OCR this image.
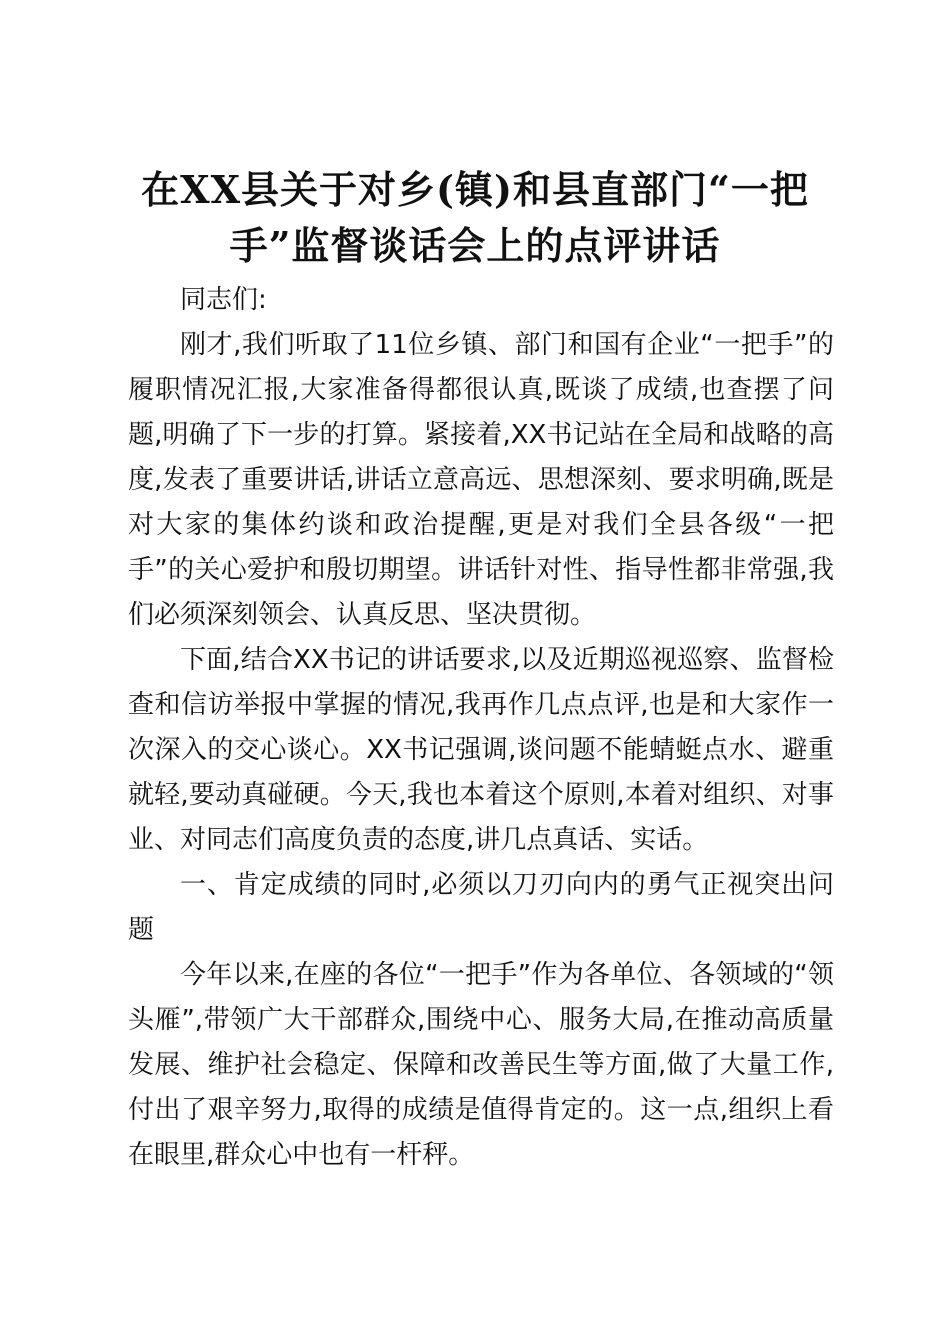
在XX县关于对乡(镇)和县直部门“一把手”监督谈话会上的点评讲话

同志们:

刚才,我们听取了11位乡镇、部门和国有企业“一把手”的履职情况汇报,大家准备得都很认真,既谈了成绩,也查摆了问题,明确了下一步的打算。紧接着,XX书记站在全局和战略的高度,发表了重要讲话,讲话立意高远、思想深刻、要求明确,既是对大家的集体约谈和政治提醒,更是对我们全县各级“一把手”的关心爱护和殷切期望。讲话针对性、指导性都非常强,我们必须深刻领会、认真反思、坚决贯彻。

下面,结合XX书记的讲话要求,以及近期巡视巡察、监督检查和信访举报中掌握的情况,我再作几点点评,也是和大家作一次深入的交心谈心。XX书记强调,谈问题不能蜻蜓点水、避重就轻,要动真碰硬。今天,我也本着这个原则,本着对组织、对事业、对同志们高度负责的态度,讲几点真话、实话。

一、肯定成绩的同时,必须以刀刃向内的勇气正视突出问题

今年以来,在座的各位“一把手”作为各单位、各领域的“领头雁”,带领广大干部群众,围绕中心、服务大局,在推动高质量发展、维护社会稳定、保障和改善民生等方面,做了大量工作,付出了艰辛努力,取得的成绩是值得肯定的。这一点,组织上看在眼里,群众心中也有一杆秤。
